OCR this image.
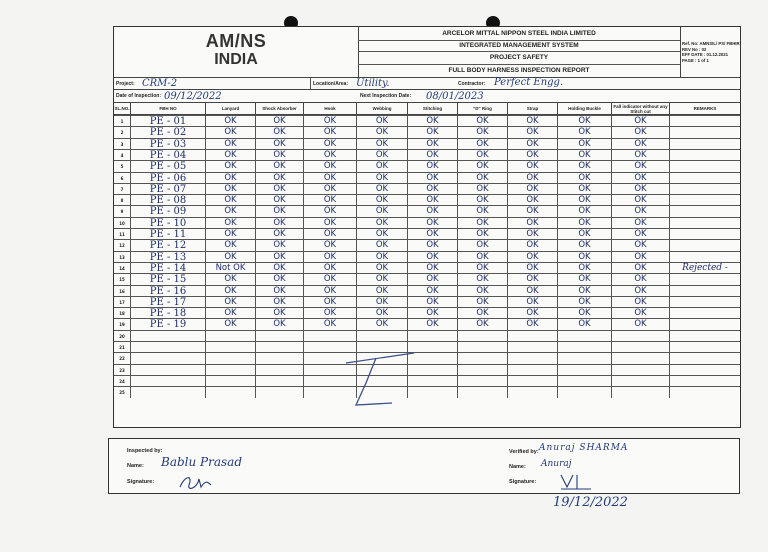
AM/NS
INDIA
ARCELOR MITTAL NIPPON STEEL INDIA LIMITED
INTEGRATED MANAGEMENT SYSTEM
PROJECT SAFETY
FULL BODY HARNESS INSPECTION REPORT
Ref. No: AMNSIL/ PS/ FBHIR
REV No : 02
EFF DATE : 01.12.2021
PAGE : 1 of 1
Project: CRM-2	Location/Area: Utility.	Contractor: Perfect Engg.
Date of Inspection: 09/12/2022	Next Inspection Date: 08/01/2023
SL.NO.	FBH NO	Lanyard	Shock Absorber	Hook	Webbing	Stitching	"D" Ring	Strap	Holding Buckle	Fall indicator without any Stitch cut	REMARKS
1	PE - 01	OK	OK	OK	OK	OK	OK	OK	OK	OK
2	PE - 02	OK	OK	OK	OK	OK	OK	OK	OK	OK
3	PE - 03	OK	OK	OK	OK	OK	OK	OK	OK	OK
4	PE - 04	OK	OK	OK	OK	OK	OK	OK	OK	OK
5	PE - 05	OK	OK	OK	OK	OK	OK	OK	OK	OK
6	PE - 06	OK	OK	OK	OK	OK	OK	OK	OK	OK
7	PE - 07	OK	OK	OK	OK	OK	OK	OK	OK	OK
8	PE - 08	OK	OK	OK	OK	OK	OK	OK	OK	OK
9	PE - 09	OK	OK	OK	OK	OK	OK	OK	OK	OK
10	PE - 10	OK	OK	OK	OK	OK	OK	OK	OK	OK
11	PE - 11	OK	OK	OK	OK	OK	OK	OK	OK	OK
12	PE - 12	OK	OK	OK	OK	OK	OK	OK	OK	OK
13	PE - 13	OK	OK	OK	OK	OK	OK	OK	OK	OK
14	PE - 14	Not OK	OK	OK	OK	OK	OK	OK	OK	OK	Rejected -
15	PE - 15	OK	OK	OK	OK	OK	OK	OK	OK	OK
16	PE - 16	OK	OK	OK	OK	OK	OK	OK	OK	OK
17	PE - 17	OK	OK	OK	OK	OK	OK	OK	OK	OK
18	PE - 18	OK	OK	OK	OK	OK	OK	OK	OK	OK
19	PE - 19	OK	OK	OK	OK	OK	OK	OK	OK	OK
20
21
22
23
24
25
Inspected by:
Name: Bablu Prasad
Signature:
Verified by: Anuraj SHARMA
Name: Anuraj
Signature:
19/12/2022
